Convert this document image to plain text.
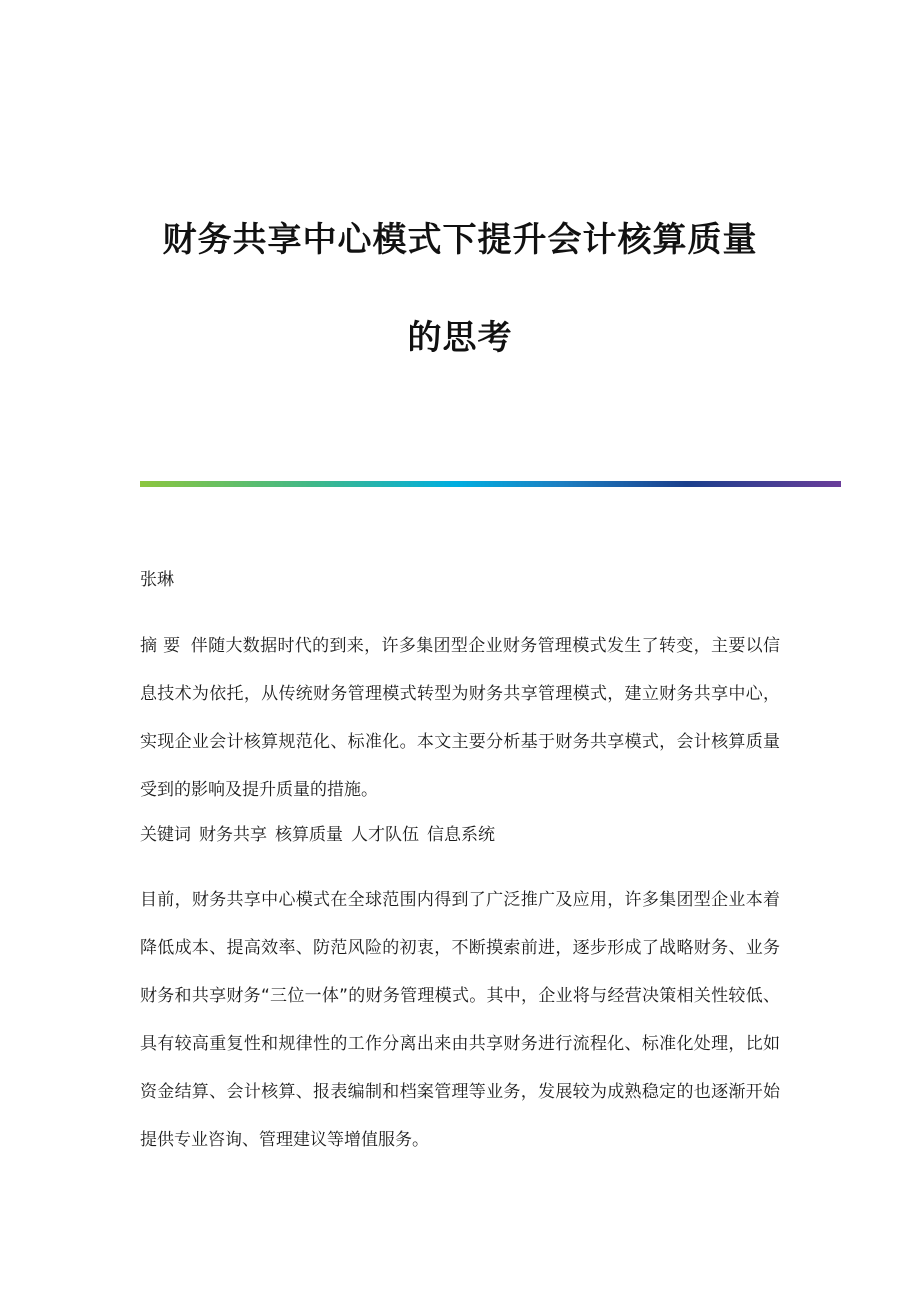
财务共享中心模式下提升会计核算质量
的思考
张琳
摘 要 伴随大数据时代的到来，许多集团型企业财务管理模式发生了转变，主要以信息技术为依托，从传统财务管理模式转型为财务共享管理模式，建立财务共享中心，实现企业会计核算规范化、标准化。本文主要分析基于财务共享模式，会计核算质量受到的影响及提升质量的措施。
关键词 财务共享 核算质量 人才队伍 信息系统
目前，财务共享中心模式在全球范围内得到了广泛推广及应用，许多集团型企业本着降低成本、提高效率、防范风险的初衷，不断摸索前进，逐步形成了战略财务、业务财务和共享财务“三位一体”的财务管理模式。其中，企业将与经营决策相关性较低、具有较高重复性和规律性的工作分离出来由共享财务进行流程化、标准化处理，比如资金结算、会计核算、报表编制和档案管理等业务，发展较为成熟稳定的也逐渐开始提供专业咨询、管理建议等增值服务。
